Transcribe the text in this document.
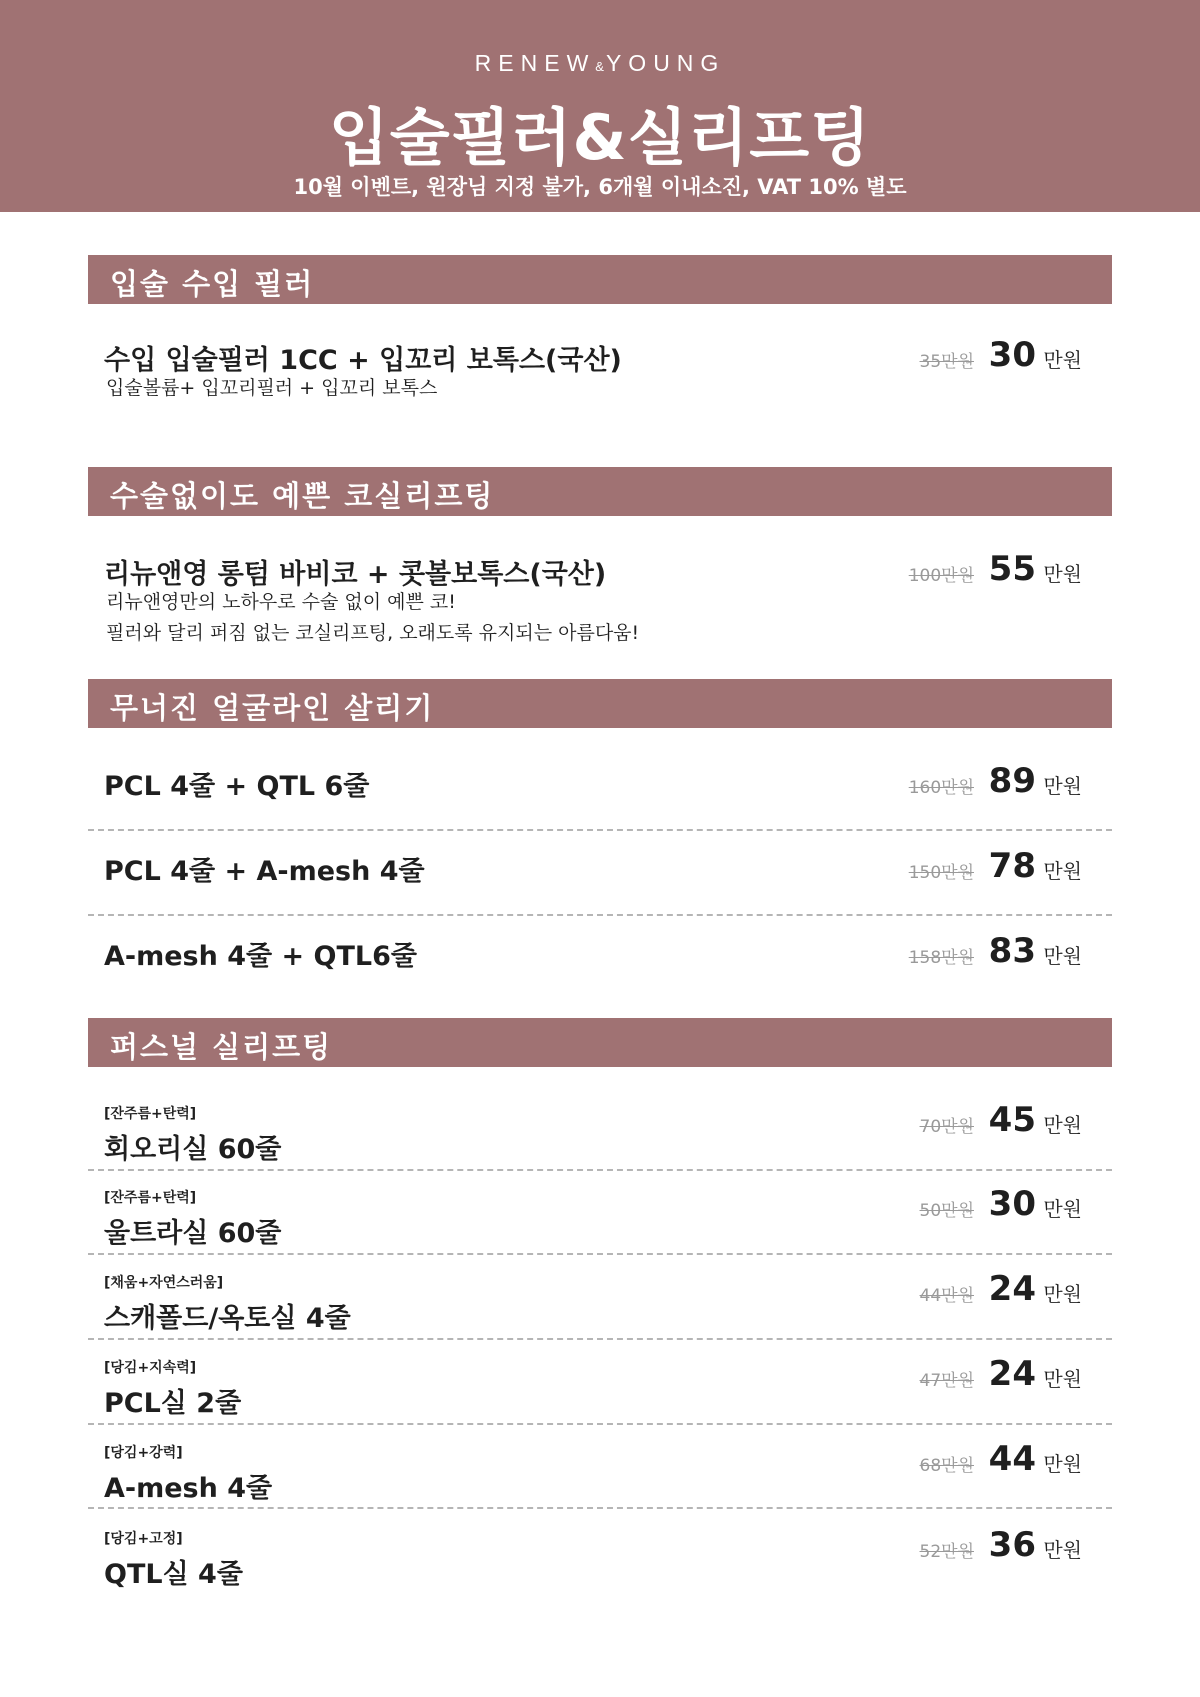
RENEW&YOUNG
입술필러&실리프팅
10월 이벤트, 원장님 지정 불가, 6개월 이내소진, VAT 10% 별도
입술 수입 필러
수입 입술필러 1CC + 입꼬리 보톡스(국산)
입술볼륨+ 입꼬리필러 + 입꼬리 보톡스
35만원 30 만원
수술없이도 예쁜 코실리프팅
리뉴앤영 롱텀 바비코 + 콧볼보톡스(국산)
리뉴앤영만의 노하우로 수술 없이 예쁜 코!
필러와 달리 퍼짐 없는 코실리프팅, 오래도록 유지되는 아름다움!
100만원 55 만원
무너진 얼굴라인 살리기
PCL 4줄 + QTL 6줄	160만원 89 만원
PCL 4줄 + A-mesh 4줄	150만원 78 만원
A-mesh 4줄 + QTL6줄	158만원 83 만원
퍼스널 실리프팅
[잔주름+탄력]
회오리실 60줄
70만원 45 만원
[잔주름+탄력]
울트라실 60줄
50만원 30 만원
[채움+자연스러움]
스캐폴드/옥토실 4줄
44만원 24 만원
[당김+지속력]
PCL실 2줄
47만원 24 만원
[당김+강력]
A-mesh 4줄
68만원 44 만원
[당김+고정]
QTL실 4줄
52만원 36 만원
